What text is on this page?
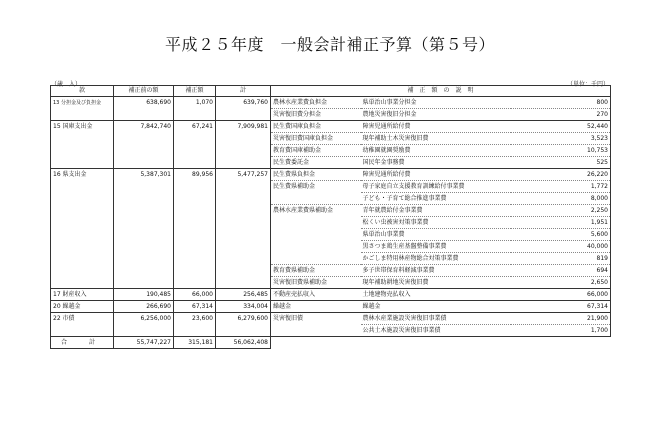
平成２５年度　一般会計補正予算（第５号）
（歳　入）	（単位：千円）
款	補正前の額	補正額	計	補　正　額　の　説　明		
13 分担金及び負担金	638,690	1,070	639,760	農林水産業費負担金	県単治山事業分担金	800
				災害復旧費分担金	農地災害復旧分担金	270
15 国庫支出金	7,842,740	67,241	7,909,981	民生費国庫負担金	障害児通所給付費	52,440
				災害復旧費国庫負担金	現年補助土木災害復旧費	3,523
				教育費国庫補助金	幼稚園就園奨励費	10,753
				民生費委託金	国民年金事務費	525
16 県支出金	5,387,301	89,956	5,477,257	民生費県負担金	障害児通所給付費	26,220
				民生費県補助金	母子家庭自立支援教育訓練給付事業費	1,772
					子ども・子育て総合推進事業費	8,000
				農林水産業費県補助金	青年就農給付金事業費	2,250
					松くい虫被害対策事業費	1,951
					県単治山事業費	5,600
					黒さつま鶏生産基盤整備事業費	40,000
					かごしま特用林産物総合対策事業費	819
				教育費県補助金	多子世帯保育料軽減事業費	694
				災害復旧費県補助金	現年補助耕地災害復旧費	2,650
17 財産収入	190,485	66,000	256,485	不動産売払収入	土地建物売払収入	66,000
20 繰越金	266,690	67,314	334,004	繰越金	繰越金	67,314
22 市債	6,256,000	23,600	6,279,600	災害復旧債	農林水産業施設災害復旧事業債	21,900
					公共土木施設災害復旧事業債	1,700
合　計	55,747,227	315,181	56,062,408			
